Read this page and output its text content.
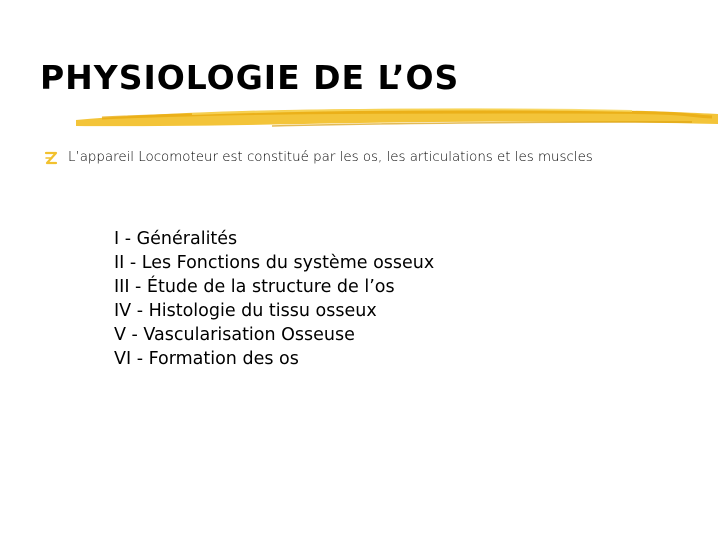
PHYSIOLOGIE DE L’OS
L’appareil Locomoteur est constitué par les os, les articulations et les muscles
I - Généralités
II - Les Fonctions du système osseux
III - Étude de la structure de l’os
IV - Histologie du tissu osseux
V - Vascularisation Osseuse
VI - Formation des os
